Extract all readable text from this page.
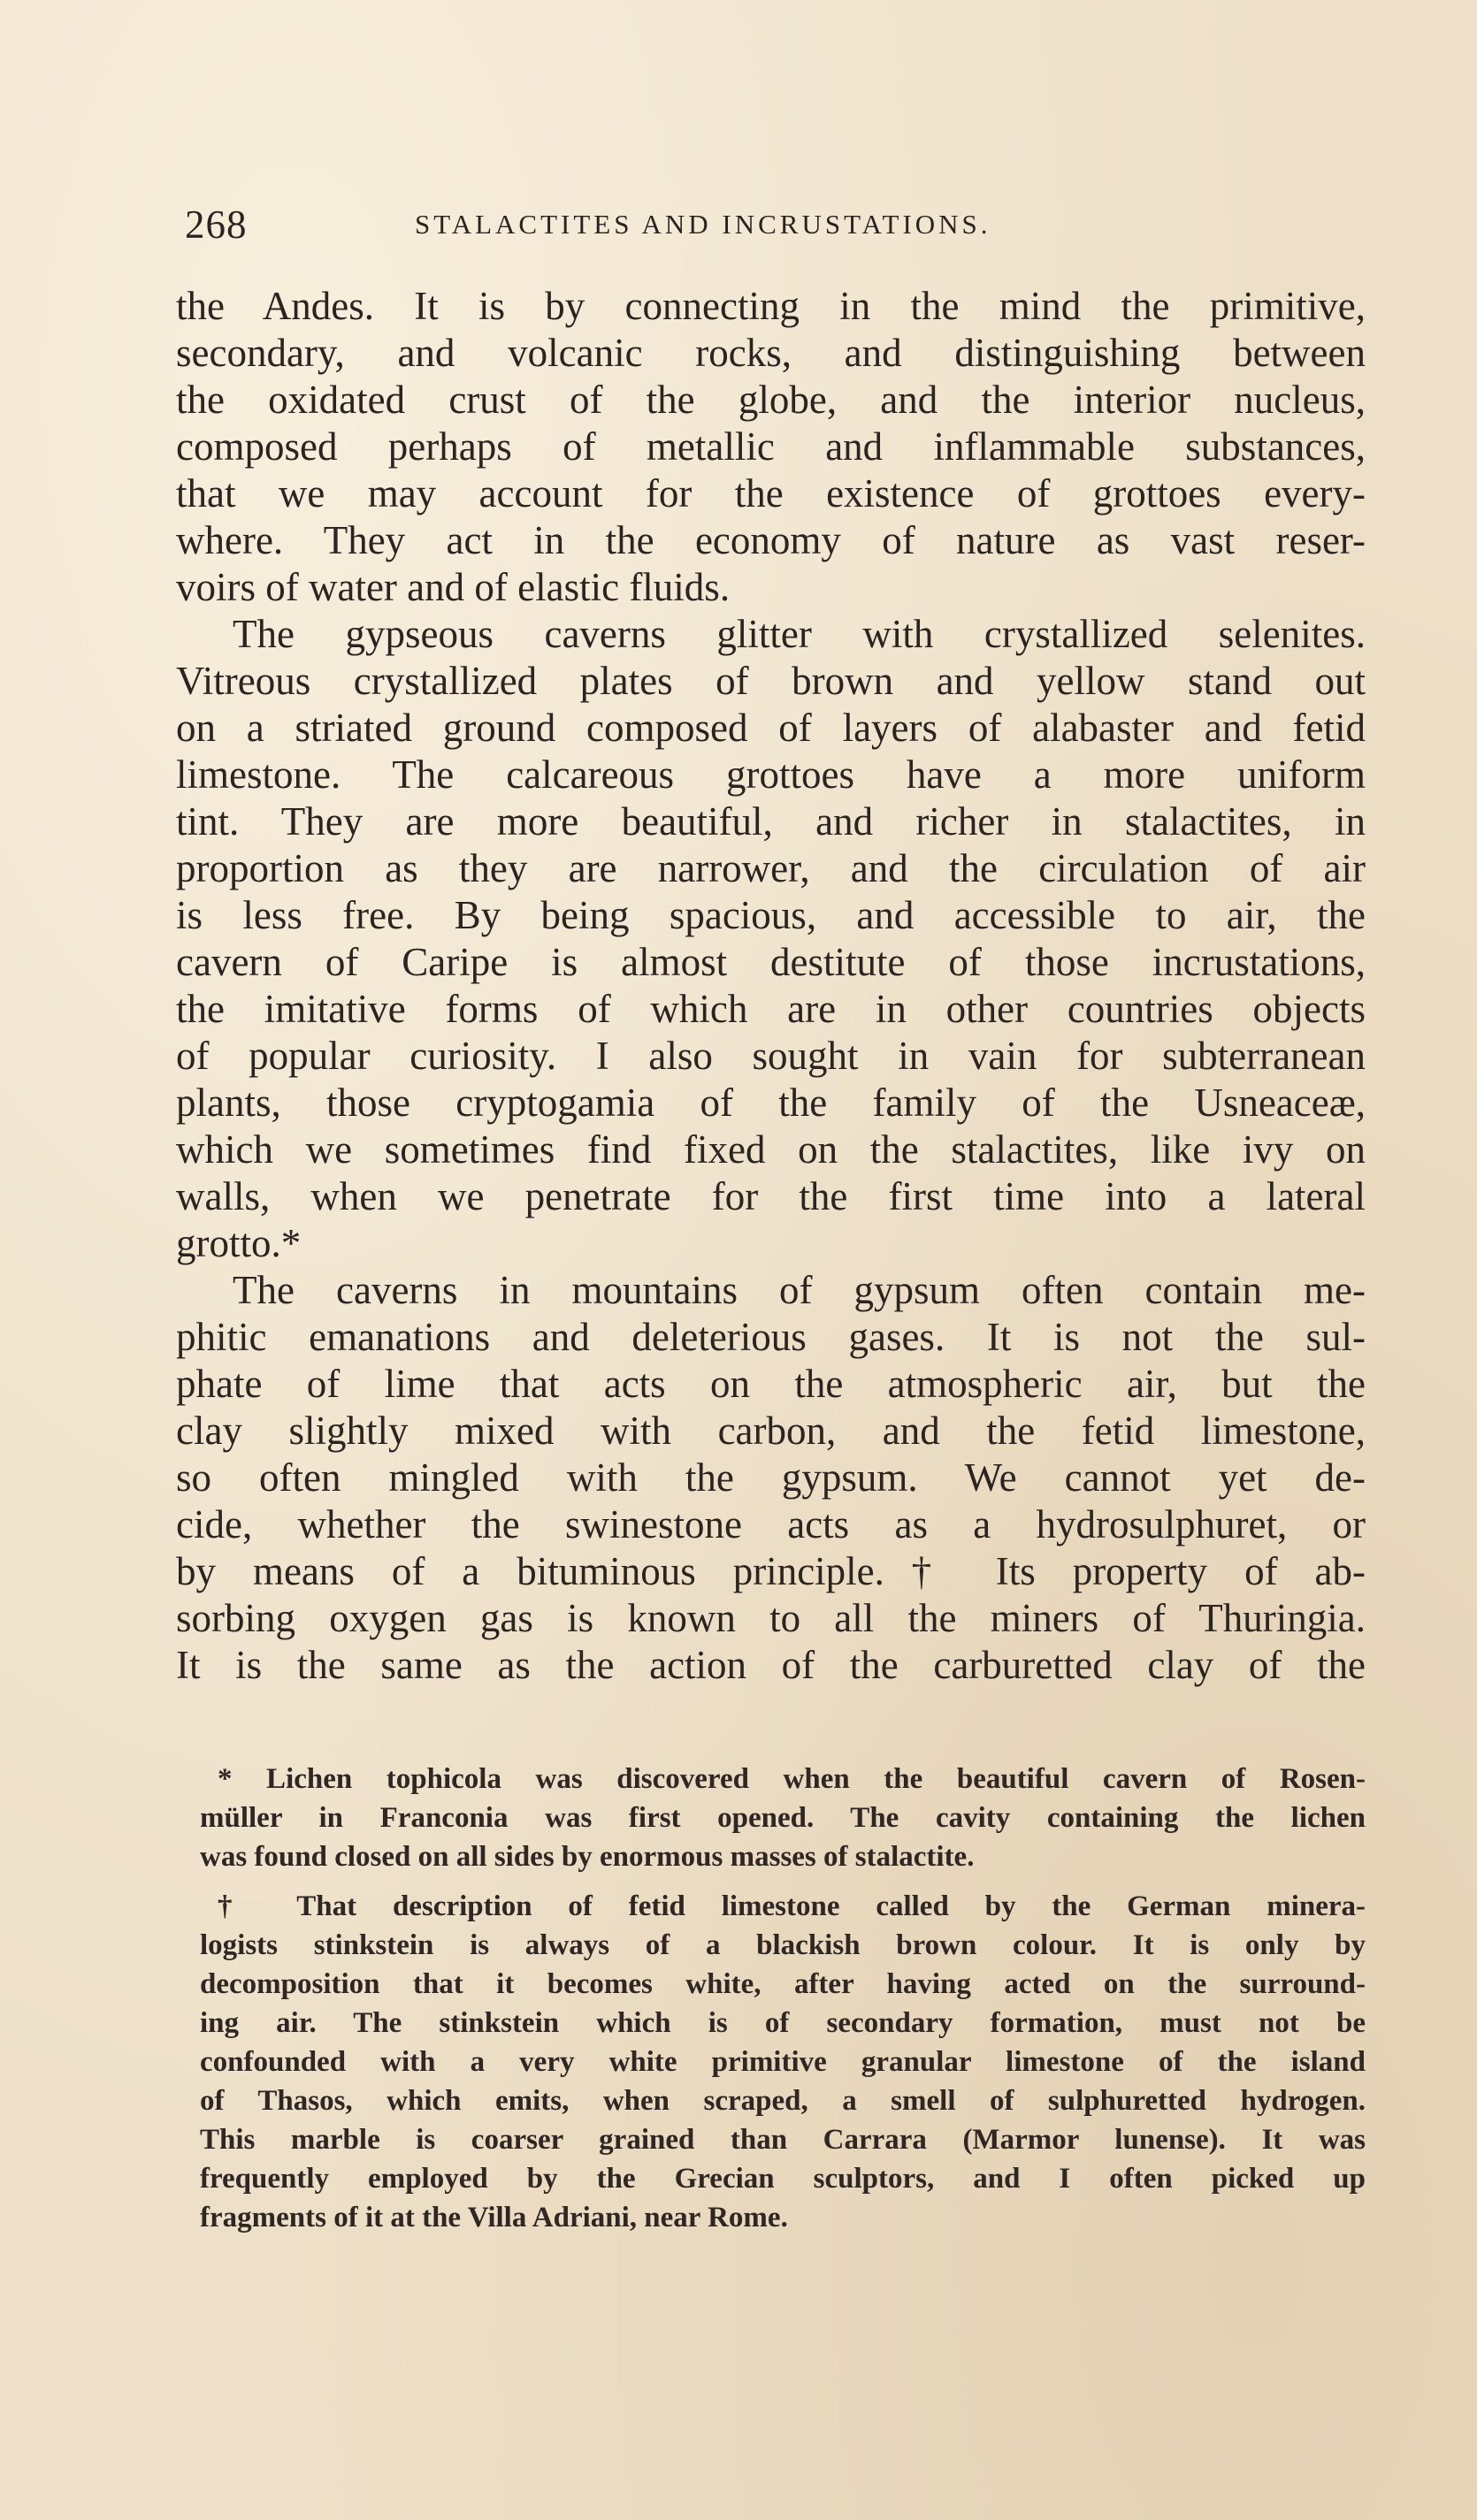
268	STALACTITES AND INCRUSTATIONS.
the Andes. It is by connecting in the mind the primitive,
secondary, and volcanic rocks, and distinguishing between
the oxidated crust of the globe, and the interior nucleus,
composed perhaps of metallic and inflammable substances,
that we may account for the existence of grottoes every-
where. They act in the economy of nature as vast reser-
voirs of water and of elastic fluids.
The gypseous caverns glitter with crystallized selenites.
Vitreous crystallized plates of brown and yellow stand out
on a striated ground composed of layers of alabaster and fetid
limestone. The calcareous grottoes have a more uniform
tint. They are more beautiful, and richer in stalactites, in
proportion as they are narrower, and the circulation of air
is less free. By being spacious, and accessible to air, the
cavern of Caripe is almost destitute of those incrustations,
the imitative forms of which are in other countries objects
of popular curiosity. I also sought in vain for subterranean
plants, those cryptogamia of the family of the Usneaceæ,
which we sometimes find fixed on the stalactites, like ivy on
walls, when we penetrate for the first time into a lateral
grotto.*
The caverns in mountains of gypsum often contain me-
phitic emanations and deleterious gases. It is not the sul-
phate of lime that acts on the atmospheric air, but the
clay slightly mixed with carbon, and the fetid limestone,
so often mingled with the gypsum. We cannot yet de-
cide, whether the swinestone acts as a hydrosulphuret, or
by means of a bituminous principle.† Its property of ab-
sorbing oxygen gas is known to all the miners of Thuringia.
It is the same as the action of the carburetted clay of the
* Lichen tophicola was discovered when the beautiful cavern of Rosen-
müller in Franconia was first opened. The cavity containing the lichen
was found closed on all sides by enormous masses of stalactite.
† That description of fetid limestone called by the German minera-
logists stinkstein is always of a blackish brown colour. It is only by
decomposition that it becomes white, after having acted on the surround-
ing air. The stinkstein which is of secondary formation, must not be
confounded with a very white primitive granular limestone of the island
of Thasos, which emits, when scraped, a smell of sulphuretted hydrogen.
This marble is coarser grained than Carrara (Marmor lunense). It was
frequently employed by the Grecian sculptors, and I often picked up
fragments of it at the Villa Adriani, near Rome.
